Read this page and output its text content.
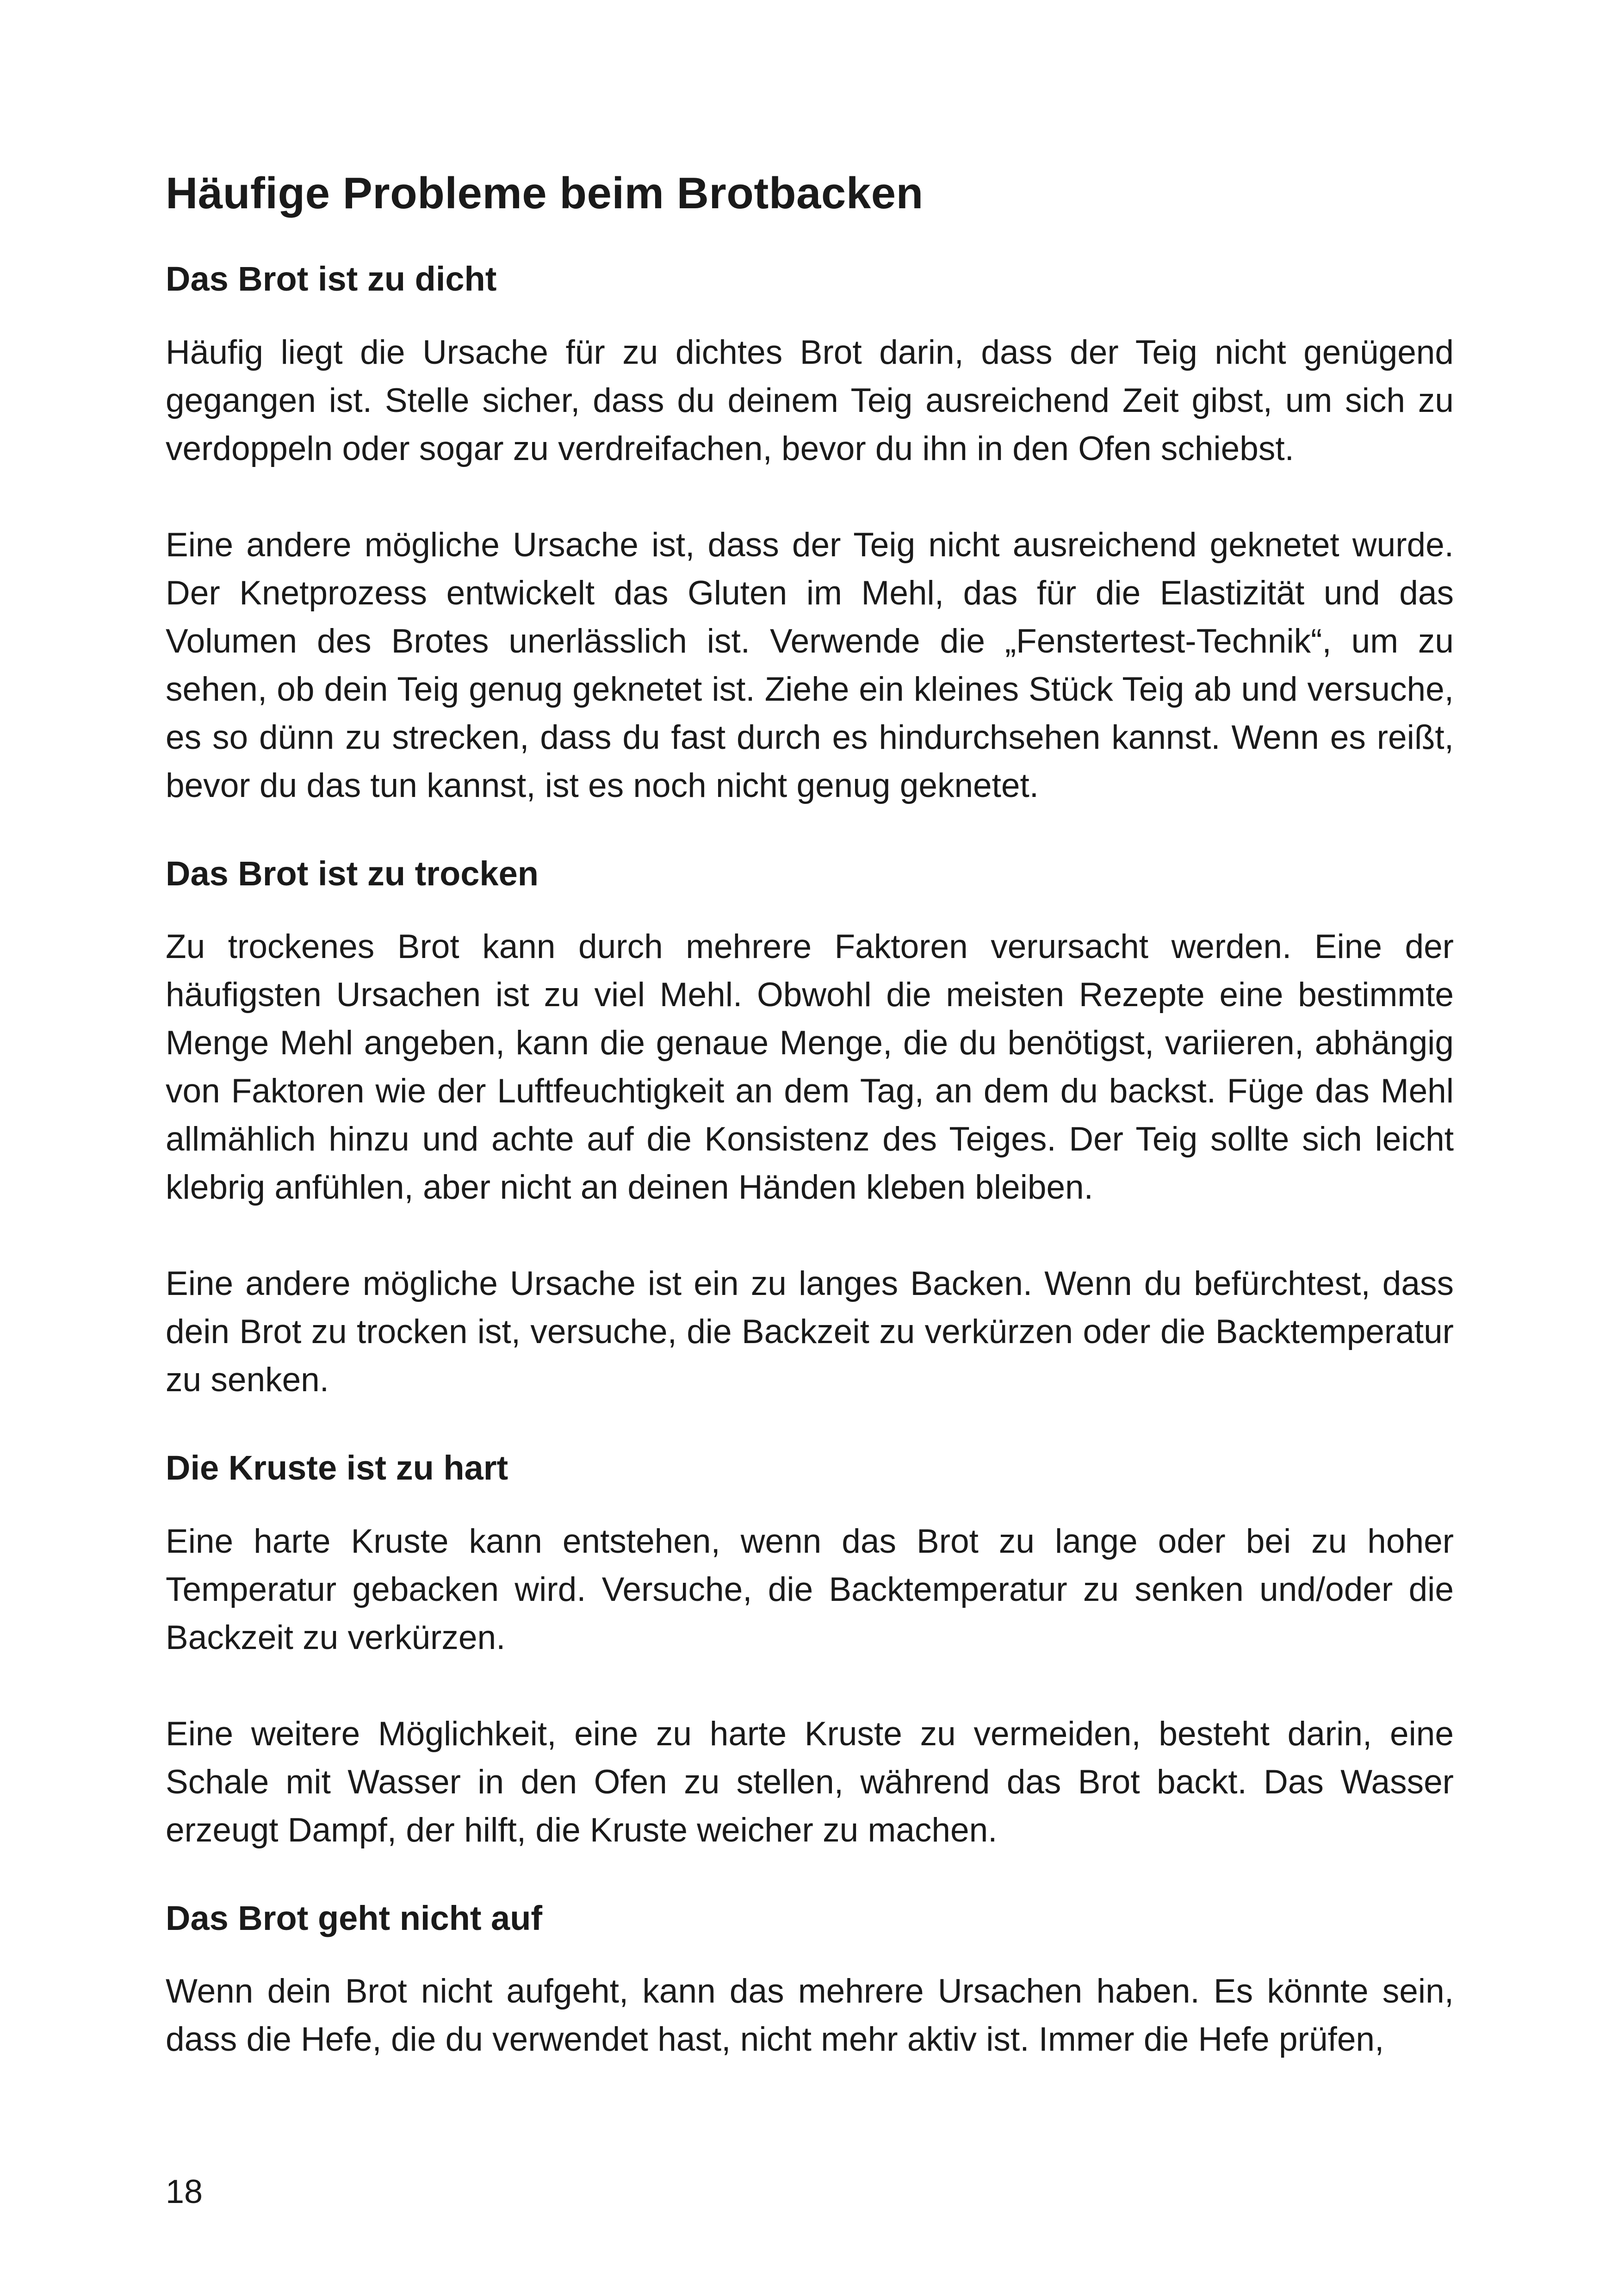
Häufige Probleme beim Brotbacken
Das Brot ist zu dicht

Häufig liegt die Ursache für zu dichtes Brot darin, dass der Teig nicht genügend gegangen ist. Stelle sicher, dass du deinem Teig ausreichend Zeit gibst, um sich zu verdoppeln oder sogar zu verdreifachen, bevor du ihn in den Ofen schiebst.

Eine andere mögliche Ursache ist, dass der Teig nicht ausreichend geknetet wurde. Der Knetprozess entwickelt das Gluten im Mehl, das für die Elastizität und das Volumen des Brotes unerlässlich ist. Verwende die „Fenstertest-Technik“, um zu sehen, ob dein Teig genug geknetet ist. Ziehe ein kleines Stück Teig ab und versuche, es so dünn zu strecken, dass du fast durch es hindurchsehen kannst. Wenn es reißt, bevor du das tun kannst, ist es noch nicht genug geknetet.

Das Brot ist zu trocken

Zu trockenes Brot kann durch mehrere Faktoren verursacht werden. Eine der häufigsten Ursachen ist zu viel Mehl. Obwohl die meisten Rezepte eine bestimmte Menge Mehl angeben, kann die genaue Menge, die du benötigst, variieren, abhängig von Faktoren wie der Luftfeuchtigkeit an dem Tag, an dem du backst. Füge das Mehl allmählich hinzu und achte auf die Konsistenz des Teiges. Der Teig sollte sich leicht klebrig anfühlen, aber nicht an deinen Händen kleben bleiben.

Eine andere mögliche Ursache ist ein zu langes Backen. Wenn du befürchtest, dass dein Brot zu trocken ist, versuche, die Backzeit zu verkürzen oder die Backtemperatur zu senken.

Die Kruste ist zu hart

Eine harte Kruste kann entstehen, wenn das Brot zu lange oder bei zu hoher Temperatur gebacken wird. Versuche, die Backtemperatur zu senken und/oder die Backzeit zu verkürzen.

Eine weitere Möglichkeit, eine zu harte Kruste zu vermeiden, besteht darin, eine Schale mit Wasser in den Ofen zu stellen, während das Brot backt. Das Wasser erzeugt Dampf, der hilft, die Kruste weicher zu machen.

Das Brot geht nicht auf

Wenn dein Brot nicht aufgeht, kann das mehrere Ursachen haben. Es könnte sein, dass die Hefe, die du verwendet hast, nicht mehr aktiv ist. Immer die Hefe prüfen,

18
